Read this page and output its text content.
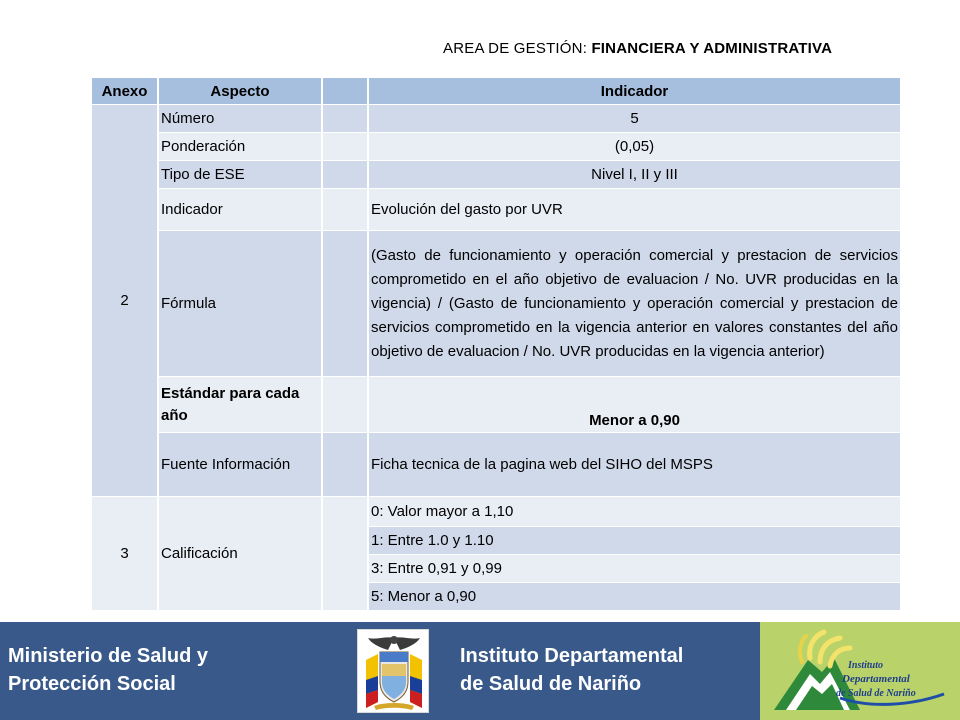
AREA DE GESTIÓN: FINANCIERA Y ADMINISTRATIVA
Anexo	Aspecto		Indicador
2	Número		5
	Ponderación		(0,05)
	Tipo de ESE		Nivel I, II y III
	Indicador		Evolución del gasto por UVR
	Fórmula		(Gasto de funcionamiento y operación comercial y prestacion de servicios comprometido en el año objetivo de evaluacion / No. UVR producidas en la vigencia) / (Gasto de funcionamiento y operación comercial y prestacion de servicios comprometido en la vigencia anterior en valores constantes del año objetivo de evaluacion / No. UVR producidas en la vigencia anterior)
	Estándar para cada año		Menor a 0,90
	Fuente Información		Ficha tecnica de la pagina web del SIHO del MSPS
3	Calificación		0: Valor mayor a 1,10
			1: Entre 1.0 y 1.10
			3: Entre 0,91 y 0,99
			5: Menor a 0,90
Ministerio de Salud y
Protección Social
Instituto Departamental
de Salud de Nariño
Instituto
Departamental
de Salud de Nariño
